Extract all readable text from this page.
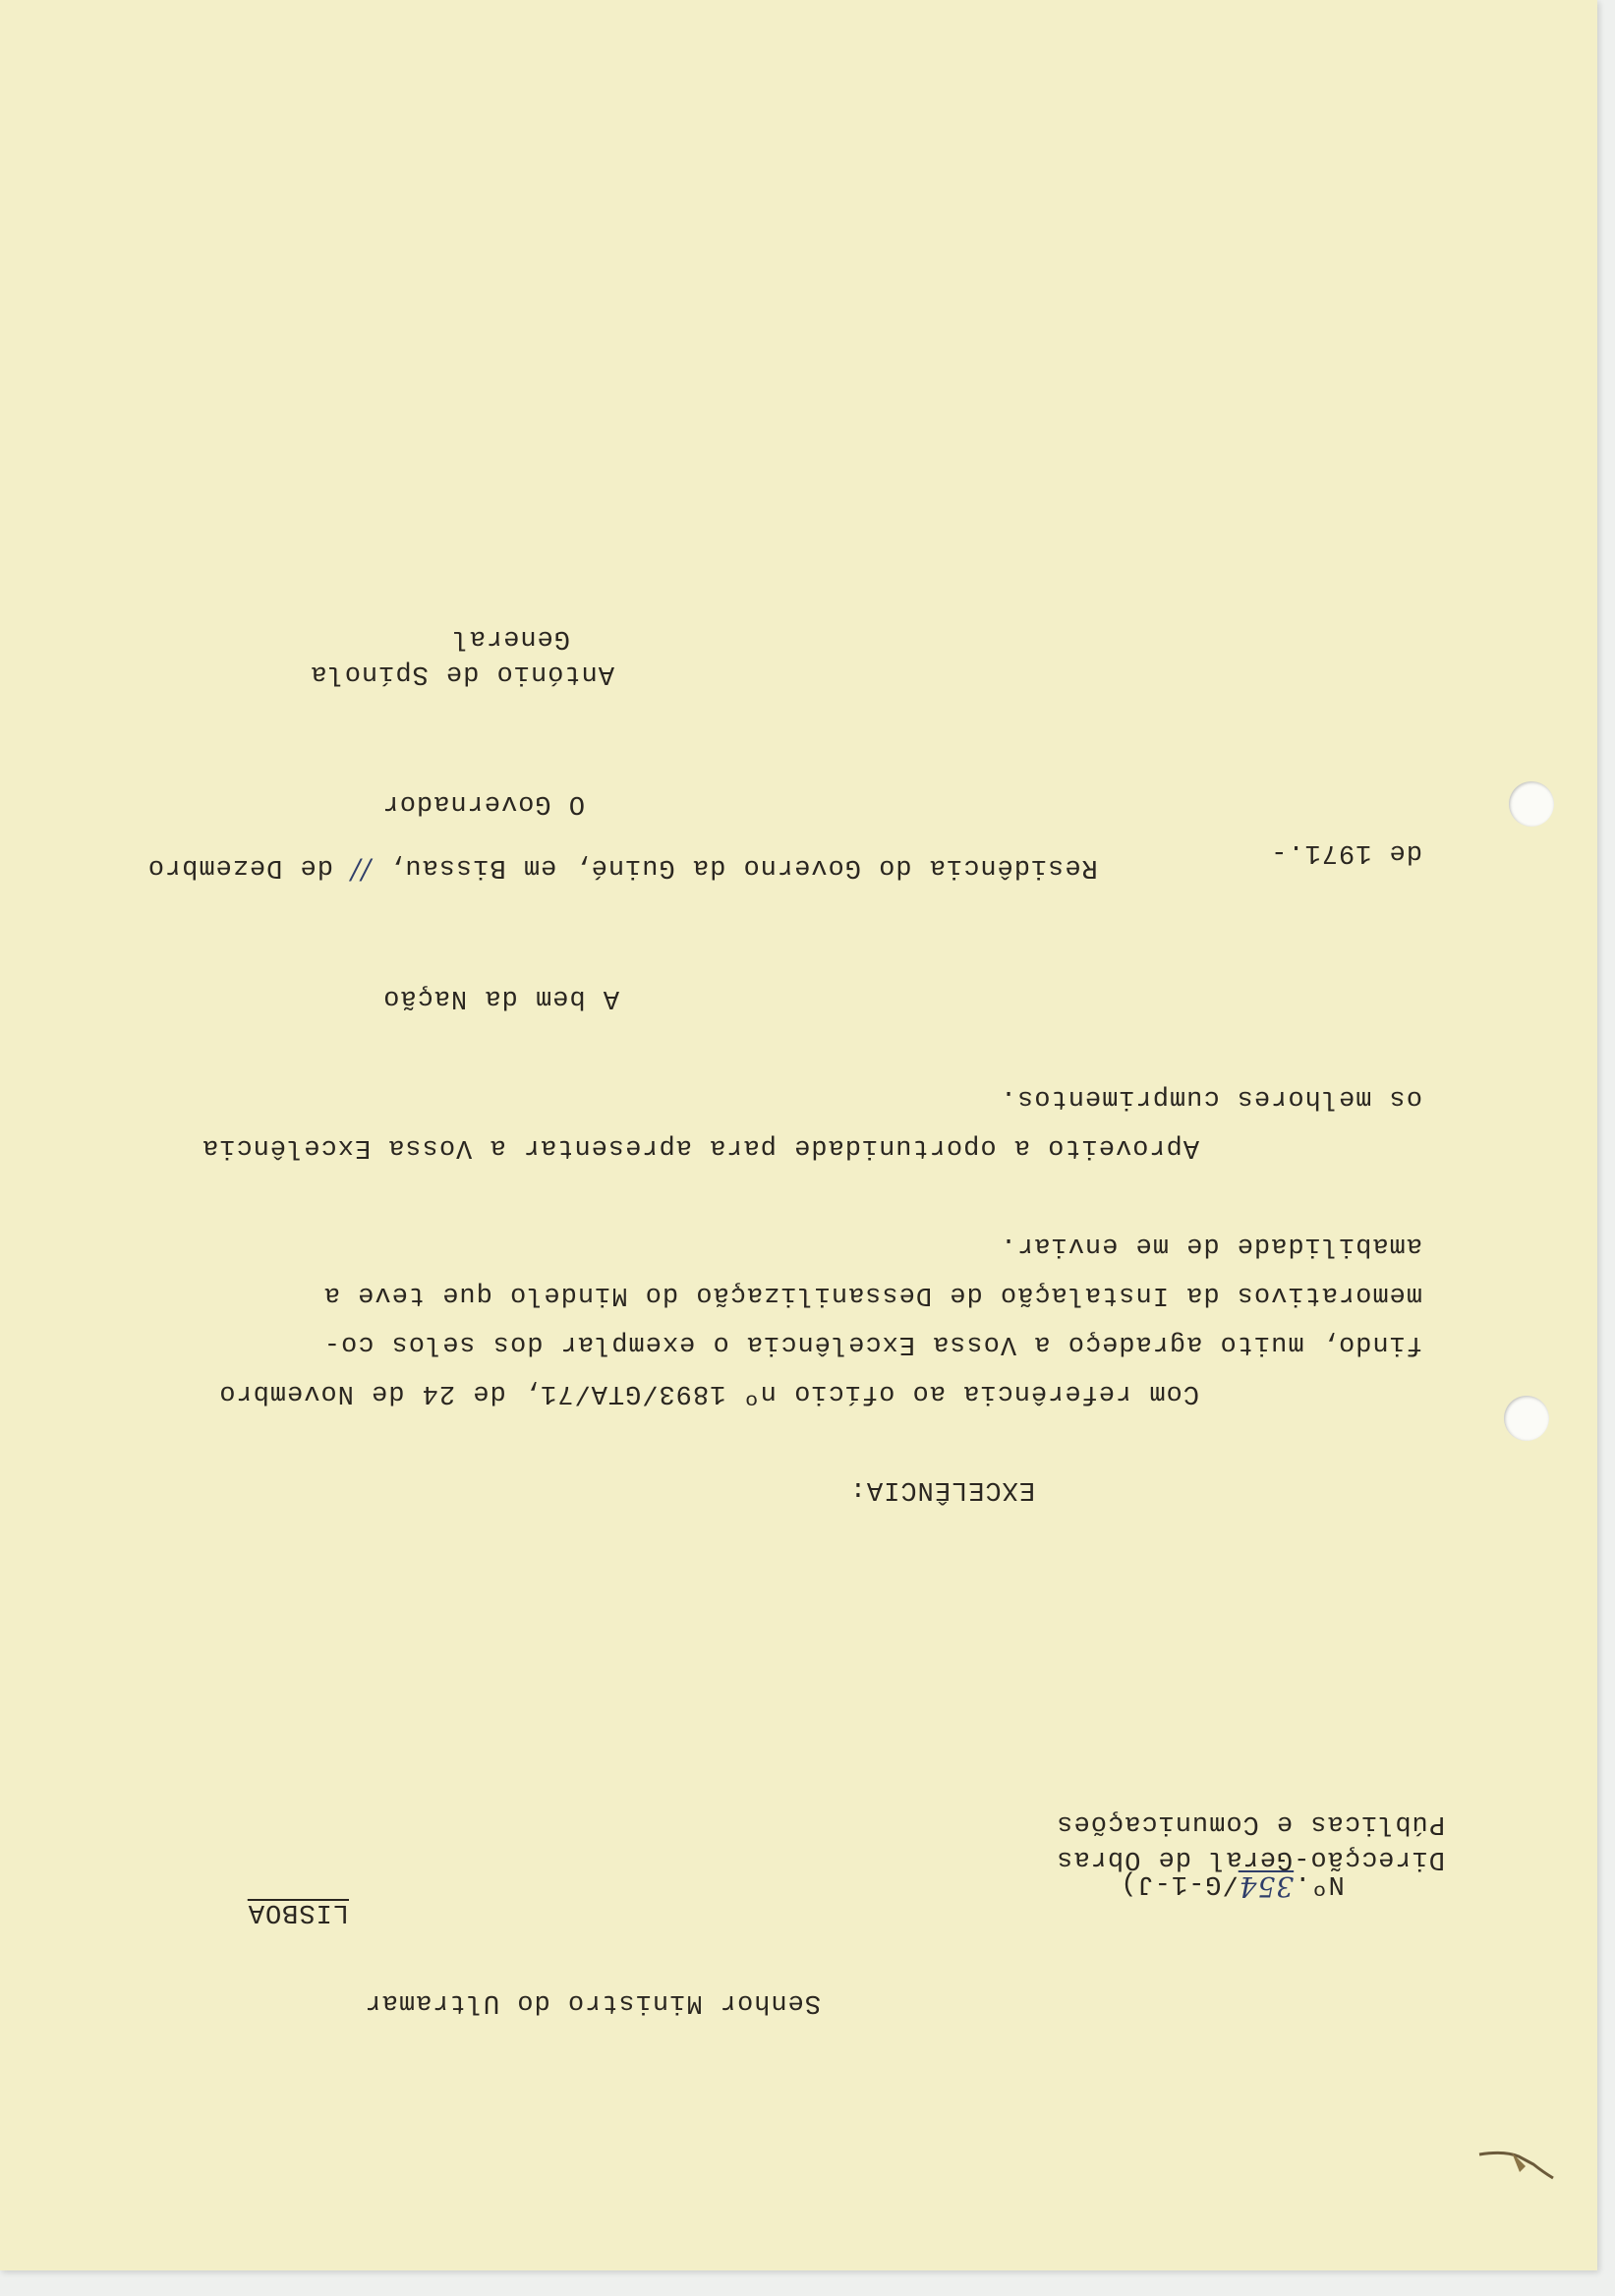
Senhor Ministro do Ultramar

Nº.354/G-1-J)

LISBOA
Direcção-Geral de Obras
Públicas e Comunicações
EXCELÊNCIA:
Com referência ao ofício nº 1893/GTA/71, de 24 de Novembro
findo, muito agradeço a Vossa Excelência o exemplar dos selos co-
memorativos da Instalação de Dessanilização do Mindelo que teve a
amabilidade de me enviar.
Aproveito a oportunidade para apresentar a Vossa Excelência
os melhores cumprimentos.
A bem da Nação

Residência do Governo da Guiné, em Bissau, // de Dezembro
	de 1971.-
O Governador
António de Spínola
General
